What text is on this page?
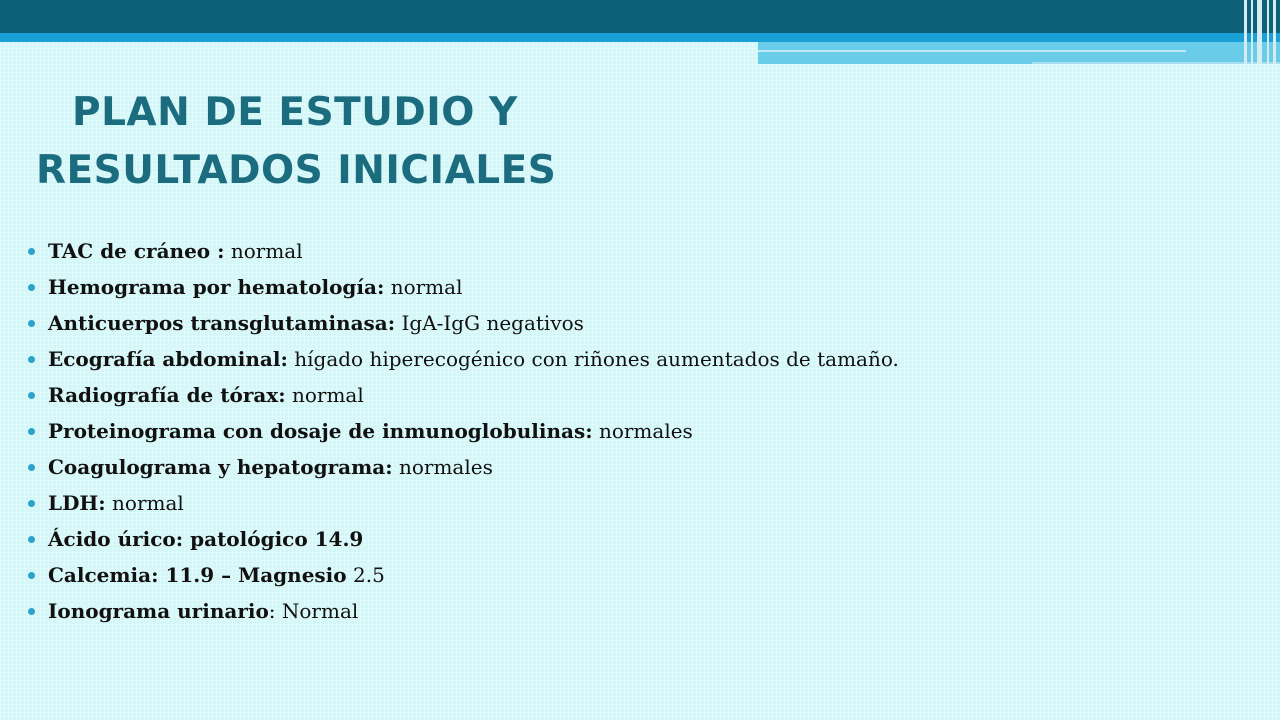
PLAN DE ESTUDIO Y
RESULTADOS INICIALES
TAC de cráneo : normal
Hemograma por hematología: normal
Anticuerpos transglutaminasa: IgA-IgG negativos
Ecografía abdominal: hígado hiperecogénico con riñones aumentados de tamaño.
Radiografía de tórax: normal
Proteinograma con dosaje de inmunoglobulinas: normales
Coagulograma y hepatograma: normales
LDH: normal
Ácido úrico: patológico 14.9
Calcemia: 11.9 – Magnesio 2.5
Ionograma urinario: Normal
